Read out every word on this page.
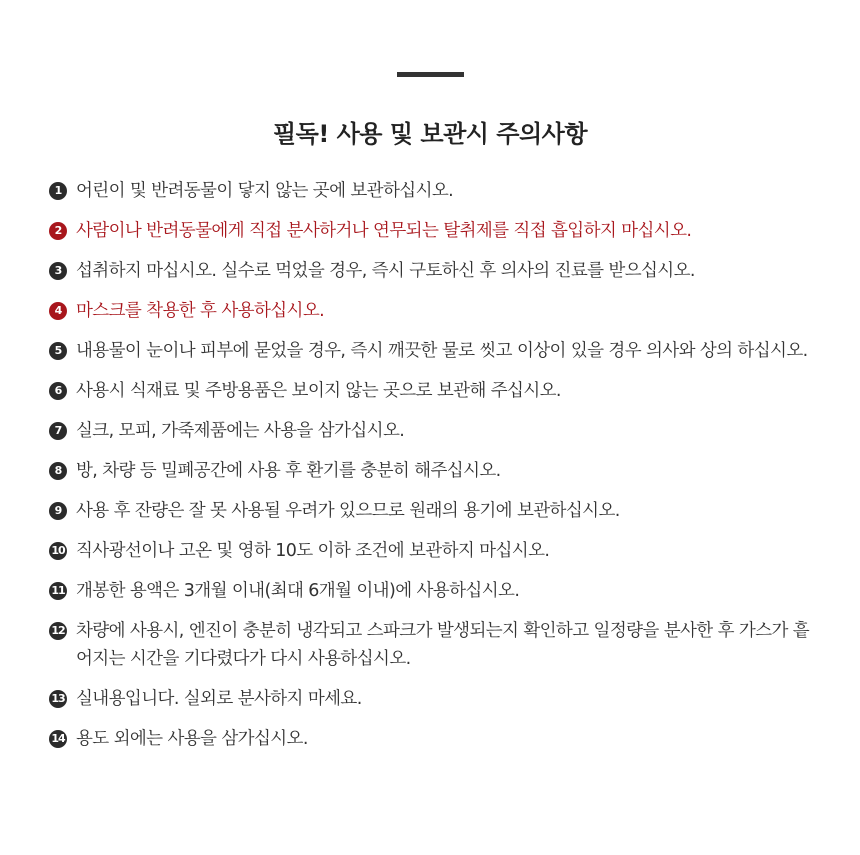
필독! 사용 및 보관시 주의사항
1 어린이 및 반려동물이 닿지 않는 곳에 보관하십시오.
2 사람이나 반려동물에게 직접 분사하거나 연무되는 탈취제를 직접 흡입하지 마십시오.
3 섭취하지 마십시오. 실수로 먹었을 경우, 즉시 구토하신 후 의사의 진료를 받으십시오.
4 마스크를 착용한 후 사용하십시오.
5 내용물이 눈이나 피부에 묻었을 경우, 즉시 깨끗한 물로 씻고 이상이 있을 경우 의사와 상의 하십시오.
6 사용시 식재료 및 주방용품은 보이지 않는 곳으로 보관해 주십시오.
7 실크, 모피, 가죽제품에는 사용을 삼가십시오.
8 방, 차량 등 밀폐공간에 사용 후 환기를 충분히 해주십시오.
9 사용 후 잔량은 잘 못 사용될 우려가 있으므로 원래의 용기에 보관하십시오.
10 직사광선이나 고온 및 영하 10도 이하 조건에 보관하지 마십시오.
11 개봉한 용액은 3개월 이내(최대 6개월 이내)에 사용하십시오.
12 차량에 사용시, 엔진이 충분히 냉각되고 스파크가 발생되는지 확인하고 일정량을 분사한 후 가스가 흩어지는 시간을 기다렸다가 다시 사용하십시오.
13 실내용입니다. 실외로 분사하지 마세요.
14 용도 외에는 사용을 삼가십시오.
